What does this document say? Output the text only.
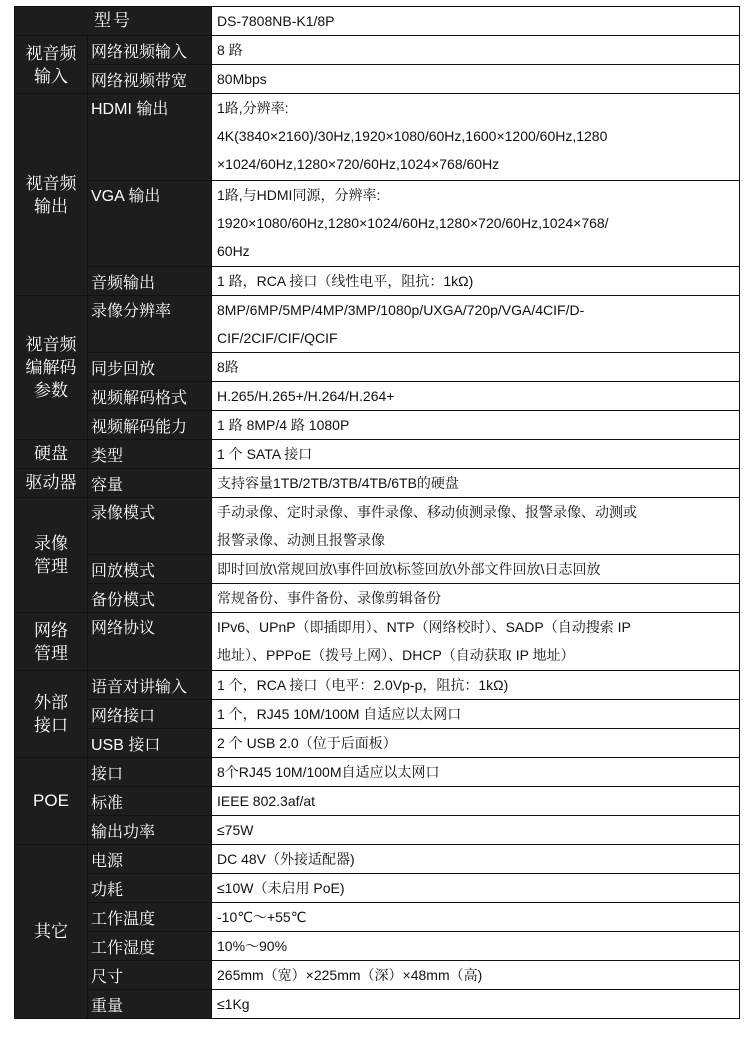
型号		DS-7808NB-K1/8P

视音频
输入	网络视频输入	8 路
	网络视频带宽	80Mbps

视音频
输出	HDMI 输出	1路,分辨率:
4K(3840×2160)/30Hz,1920×1080/60Hz,1600×1200/60Hz,1280
×1024/60Hz,1280×720/60Hz,1024×768/60Hz

	VGA 输出	1路,与HDMI同源，分辨率:
1920×1080/60Hz,1280×1024/60Hz,1280×720/60Hz,1024×768/
60Hz

	音频输出	1 路，RCA 接口（线性电平，阻抗：1kΩ)

视音频
编解码
参数	录像分辨率	8MP/6MP/5MP/4MP/3MP/1080p/UXGA/720p/VGA/4CIF/D-
CIF/2CIF/CIF/QCIF

	同步回放	8路
	视频解码格式	H.265/H.265+/H.264/H.264+
	视频解码能力	1 路 8MP/4 路 1080P
硬盘	类型	1 个 SATA 接口
驱动器	容量	支持容量1TB/2TB/3TB/4TB/6TB的硬盘

录像
管理	录像模式	手动录像、定时录像、事件录像、移动侦测录像、报警录像、动测或
报警录像、动测且报警录像

	回放模式	即时回放\常规回放\事件回放\标签回放\外部文件回放\日志回放
	备份模式	常规备份、事件备份、录像剪辑备份

网络
管理	网络协议	IPv6、UPnP（即插即用）、NTP（网络校时）、SADP（自动搜索 IP
地址）、PPPoE（拨号上网）、DHCP（自动获取 IP 地址）

外部
接口	语音对讲输入	1 个，RCA 接口（电平：2.0Vp-p，阻抗：1kΩ)
	网络接口	1 个，RJ45 10M/100M 自适应以太网口
	USB 接口	2 个 USB 2.0（位于后面板）
POE	接口	8个RJ45 10M/100M自适应以太网口
	标准	IEEE 802.3af/at
	输出功率	≤75W
其它	电源	DC 48V（外接适配器)
	功耗	≤10W（未启用 PoE)
	工作温度	-10℃～+55℃
	工作湿度	10%～90%
	尺寸	265mm（宽）×225mm（深）×48mm（高)
	重量	≤1Kg
